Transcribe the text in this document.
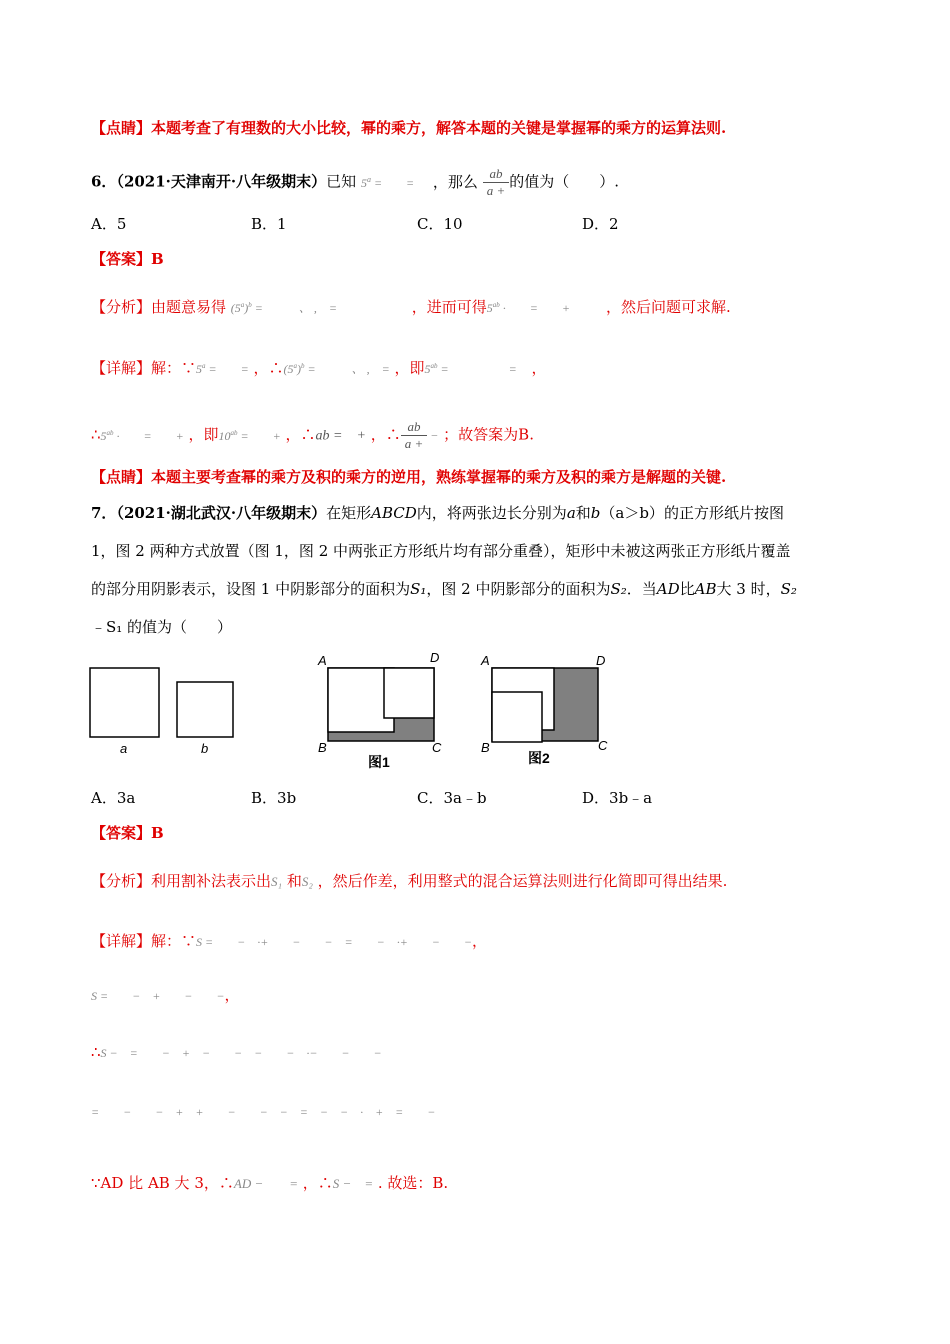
【点睛】本题考查了有理数的大小比较，幂的乘方，解答本题的关键是掌握幂的乘方的运算法则.
6．（2021·天津南开·八年级期末）已知 $5^a$ =　　= ，那么 $\frac{ab}{a +}$ 的值为（　　）.
A．5	B．1	C．10	D．2
【答案】B
【分析】由题意易得 $(5^a)^b$ =　　　、 ,　=	，进而可得$5^{ab}$ ·　　=　　+ ，然后问题可求解.
【详解】解：$\because 5^a$ =　　= ，$\therefore(5^a)^b$ =　　　、 ,　= ，即$5^{ab}$ =　　　　　= ，
$\therefore 5^{ab}$ ·　　=　　+ ，即$10^{ab}$ =　　+ ，∴ab =　+ ，∴ $\frac{ab}{a +}$ − ；故答案为B.
【点睛】本题主要考查幂的乘方及积的乘方的逆用，熟练掌握幂的乘方及积的乘方是解题的关键.
7．（2021·湖北武汉·八年级期末）在矩形ABCD内，将两张边长分别为a和b（a＞b）的正方形纸片按图
1，图 2 两种方式放置（图 1，图 2 中两张正方形纸片均有部分重叠），矩形中未被这两张正方形纸片覆盖
的部分用阴影表示，设图 1 中阴影部分的面积为S₁，图 2 中阴影部分的面积为S₂．当AD比AB大 3 时，S₂
﹣S₁ 的值为（　　）
a	b
A	D
B	C
图1
A	D
B	C
图2
A．3a	B．3b	C．3a﹣b	D．3b﹣a
【答案】B
【分析】利用割补法表示出S₁ 和S₂ ，然后作差，利用整式的混合运算法则进行化简即可得出结果.
【详解】解：∵S =　　−　·+　　−　　−　=　　−　·+　　−　　−，
S =　　−　+　　−　　−，
∴S −　=　　−　+　−　　−　−　　−　·−　　−　　−
=　　−　　−　+　+　　−　　−　−　=　−　−　·　+　=　　−
∵AD 比 AB 大 3，∴AD −　　= ，∴S −　= . 故选：B.
